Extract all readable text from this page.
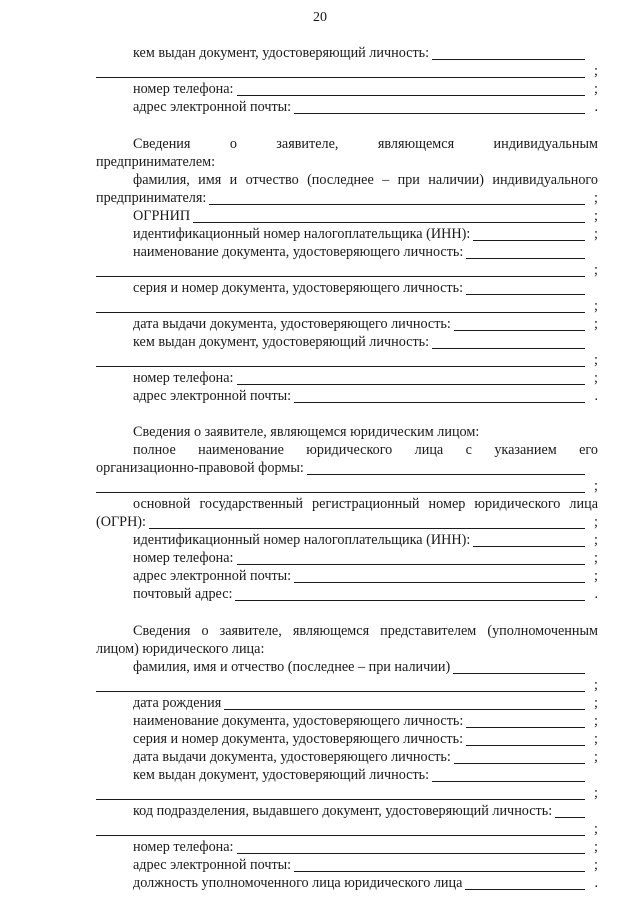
20
кем выдан документ, удостоверяющий личность:
;
номер телефона:	;
адрес электронной почты:	.
Сведения о заявителе, являющемся индивидуальным
предпринимателем:
фамилия, имя и отчество (последнее – при наличии) индивидуального
предпринимателя:	;
ОГРНИП	;
идентификационный номер налогоплательщика (ИНН):	;
наименование документа, удостоверяющего личность:
;
серия и номер документа, удостоверяющего личность:
;
дата выдачи документа, удостоверяющего личность:	;
кем выдан документ, удостоверяющий личность:
;
номер телефона:	;
адрес электронной почты:	.
Сведения о заявителе, являющемся юридическим лицом:
полное наименование юридического лица с указанием его
организационно-правовой формы:
;
основной государственный регистрационный номер юридического лица
(ОГРН):	;
идентификационный номер налогоплательщика (ИНН):	;
номер телефона:	;
адрес электронной почты:	;
почтовый адрес:	.
Сведения о заявителе, являющемся представителем (уполномоченным
лицом) юридического лица:
фамилия, имя и отчество (последнее – при наличии)
;
дата рождения	;
наименование документа, удостоверяющего личность:	;
серия и номер документа, удостоверяющего личность:	;
дата выдачи документа, удостоверяющего личность:	;
кем выдан документ, удостоверяющий личность:
;
код подразделения, выдавшего документ, удостоверяющий личность:
;
номер телефона:	;
адрес электронной почты:	;
должность уполномоченного лица юридического лица	.
